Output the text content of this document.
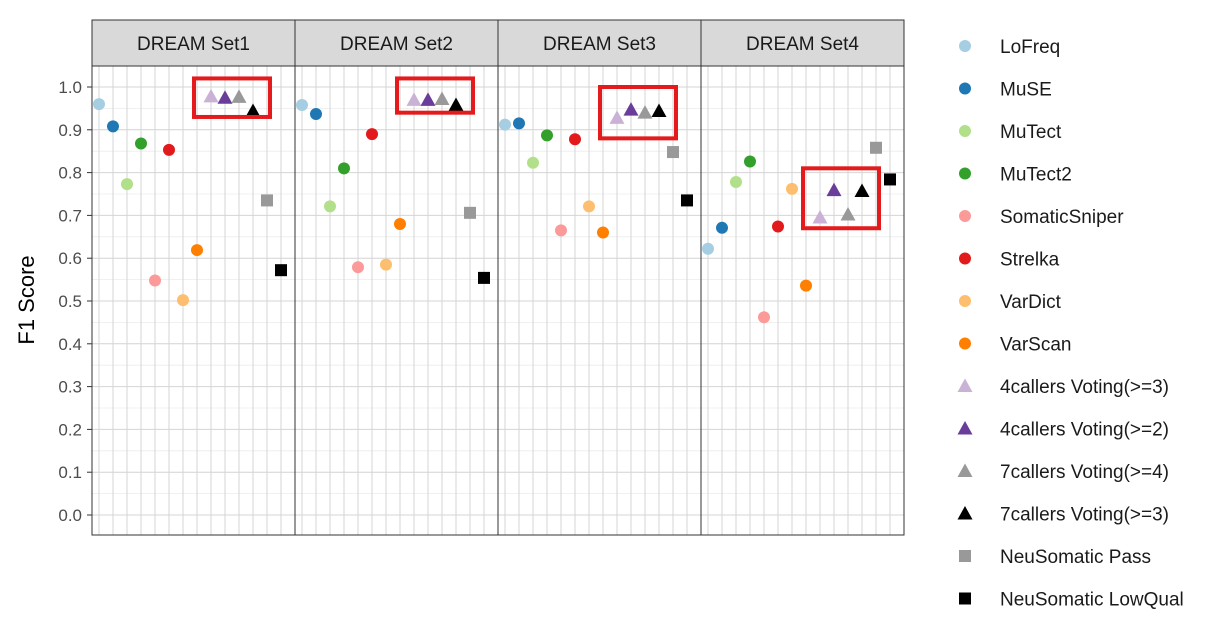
DREAM Set1	DREAM Set2	DREAM Set3	DREAM Set4
0.0
0.1
0.2
0.3
0.4
0.5
0.6
0.7
0.8
0.9
1.0
F1 Score
LoFreq
MuSE
MuTect
MuTect2
SomaticSniper
Strelka
VarDict
VarScan
4callers Voting(>=3)
4callers Voting(>=2)
7callers Voting(>=4)
7callers Voting(>=3)
NeuSomatic Pass
NeuSomatic LowQual
